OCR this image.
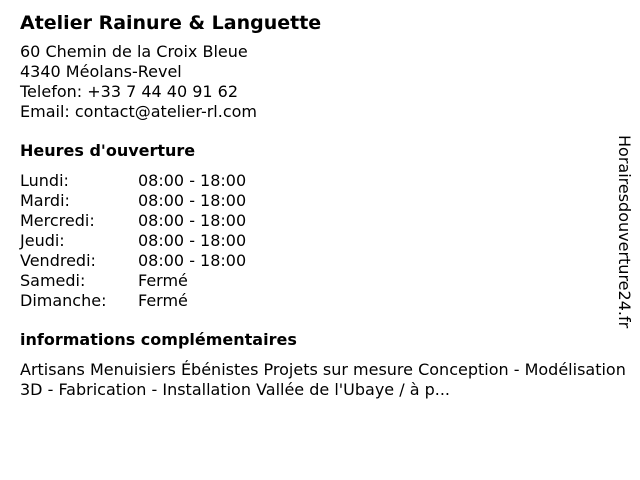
Atelier Rainure & Languette
60 Chemin de la Croix Bleue
4340 Méolans-Revel
Telefon: +33 7 44 40 91 62
Email: contact@atelier-rl.com
Heures d'ouverture
Lundi:	08:00 - 18:00
Mardi:	08:00 - 18:00
Mercredi:	08:00 - 18:00
Jeudi:	08:00 - 18:00
Vendredi:	08:00 - 18:00
Samedi:	Fermé
Dimanche:	Fermé
informations complémentaires
Artisans Menuisiers Ébénistes Projets sur mesure Conception - Modélisation 3D - Fabrication - Installation Vallée de l'Ubaye / à p...
Horairesdouverture24.fr
